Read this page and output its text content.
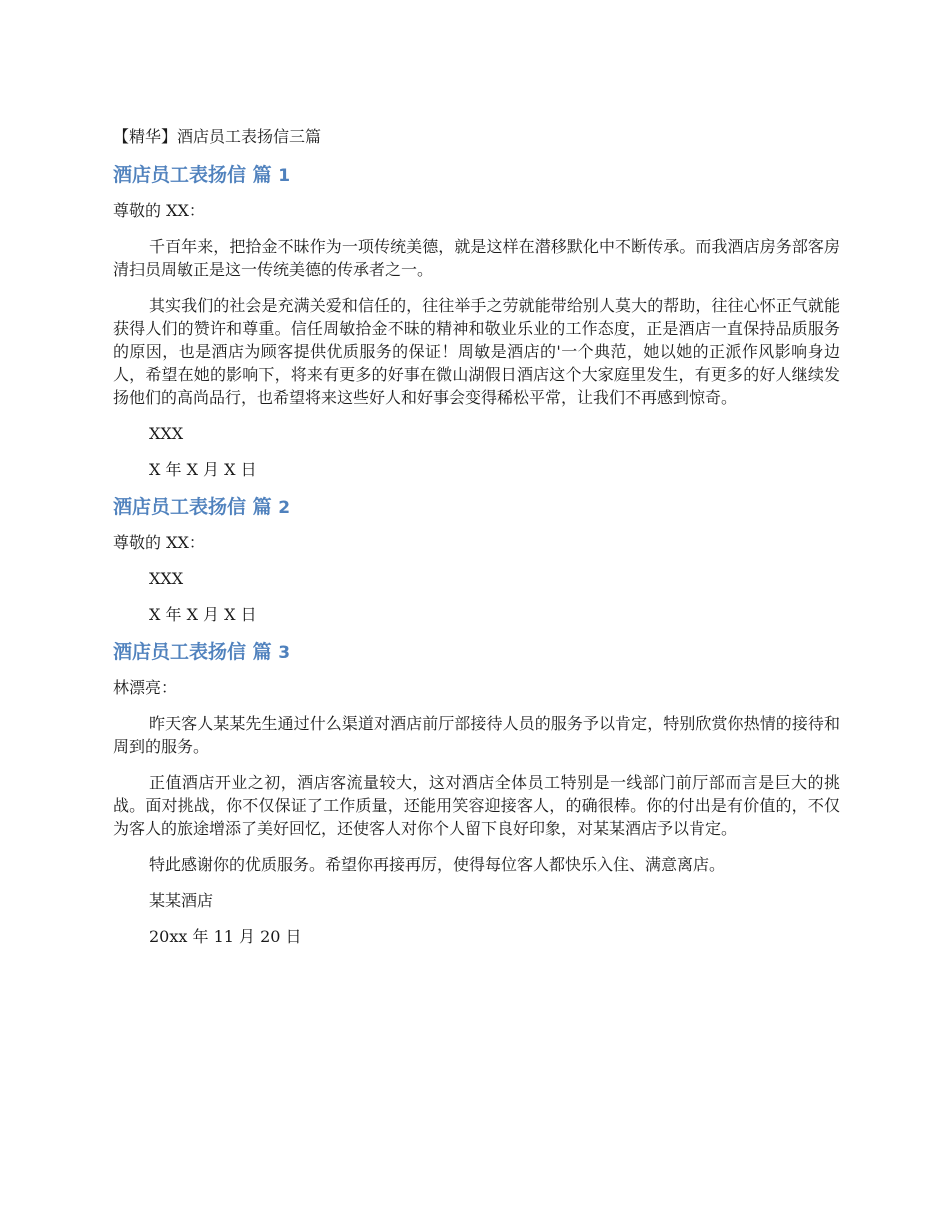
【精华】酒店员工表扬信三篇

酒店员工表扬信 篇 1

尊敬的 XX：

千百年来，把拾金不昧作为一项传统美德，就是这样在潜移默化中不断传承。而我酒店房务部客房清扫员周敏正是这一传统美德的传承者之一。

其实我们的社会是充满关爱和信任的，往往举手之劳就能带给别人莫大的帮助，往往心怀正气就能获得人们的赞许和尊重。信任周敏拾金不昧的精神和敬业乐业的工作态度，正是酒店一直保持品质服务的原因，也是酒店为顾客提供优质服务的保证！周敏是酒店的'一个典范，她以她的正派作风影响身边人，希望在她的影响下，将来有更多的好事在微山湖假日酒店这个大家庭里发生，有更多的好人继续发扬他们的高尚品行，也希望将来这些好人和好事会变得稀松平常，让我们不再感到惊奇。

XXX

X 年 X 月 X 日

酒店员工表扬信 篇 2

尊敬的 XX：

XXX

X 年 X 月 X 日

酒店员工表扬信 篇 3

林漂亮：

昨天客人某某先生通过什么渠道对酒店前厅部接待人员的服务予以肯定，特别欣赏你热情的接待和周到的服务。

正值酒店开业之初，酒店客流量较大，这对酒店全体员工特别是一线部门前厅部而言是巨大的挑战。面对挑战，你不仅保证了工作质量，还能用笑容迎接客人，的确很棒。你的付出是有价值的，不仅为客人的旅途增添了美好回忆，还使客人对你个人留下良好印象，对某某酒店予以肯定。

特此感谢你的优质服务。希望你再接再厉，使得每位客人都快乐入住、满意离店。

某某酒店

20xx 年 11 月 20 日
